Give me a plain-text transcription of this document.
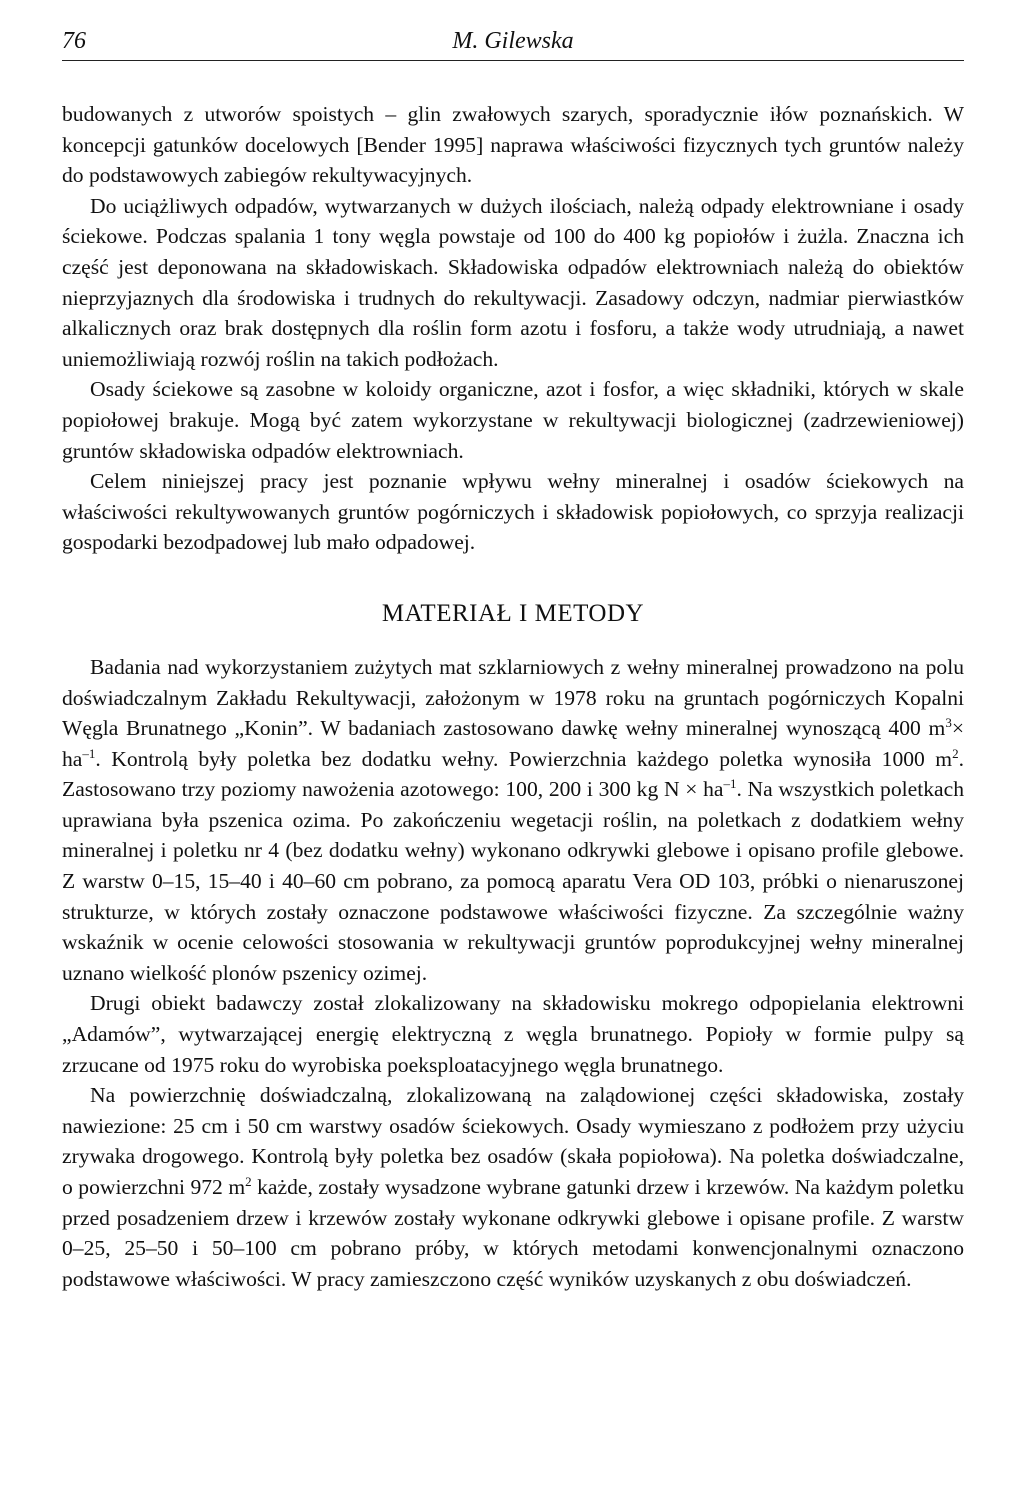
76	M. Gilewska

budowanych z utworów spoistych – glin zwałowych szarych, sporadycznie iłów poznańskich. W koncepcji gatunków docelowych [Bender 1995] naprawa właściwości fizycznych tych gruntów należy do podstawowych zabiegów rekultywacyjnych.

Do uciążliwych odpadów, wytwarzanych w dużych ilościach, należą odpady elektrowniane i osady ściekowe. Podczas spalania 1 tony węgla powstaje od 100 do 400 kg popiołów i żużla. Znaczna ich część jest deponowana na składowiskach. Składowiska odpadów elektrowniach należą do obiektów nieprzyjaznych dla środowiska i trudnych do rekultywacji. Zasadowy odczyn, nadmiar pierwiastków alkalicznych oraz brak dostępnych dla roślin form azotu i fosforu, a także wody utrudniają, a nawet uniemożliwiają rozwój roślin na takich podłożach.

Osady ściekowe są zasobne w koloidy organiczne, azot i fosfor, a więc składniki, których w skale popiołowej brakuje. Mogą być zatem wykorzystane w rekultywacji biologicznej (zadrzewieniowej) gruntów składowiska odpadów elektrowniach.

Celem niniejszej pracy jest poznanie wpływu wełny mineralnej i osadów ściekowych na właściwości rekultywowanych gruntów pogórniczych i składowisk popiołowych, co sprzyja realizacji gospodarki bezodpadowej lub mało odpadowej.

MATERIAŁ I METODY

Badania nad wykorzystaniem zużytych mat szklarniowych z wełny mineralnej prowadzono na polu doświadczalnym Zakładu Rekultywacji, założonym w 1978 roku na gruntach pogórniczych Kopalni Węgla Brunatnego „Konin”. W badaniach zastosowano dawkę wełny mineralnej wynoszącą 400 $m^3\times ha^{-1}$. Kontrolą były poletka bez dodatku wełny. Powierzchnia każdego poletka wynosiła 1000 $m^2$. Zastosowano trzy poziomy nawożenia azotowego: 100, 200 i 300 kg $N \times ha^{-1}$. Na wszystkich poletkach uprawiana była pszenica ozima. Po zakończeniu wegetacji roślin, na poletkach z dodatkiem wełny mineralnej i poletku nr 4 (bez dodatku wełny) wykonano odkrywki glebowe i opisano profile glebowe. Z warstw 0–15, 15–40 i 40–60 cm pobrano, za pomocą aparatu Vera OD 103, próbki o nienaruszonej strukturze, w których zostały oznaczone podstawowe właściwości fizyczne. Za szczególnie ważny wskaźnik w ocenie celowości stosowania w rekultywacji gruntów poprodukcyjnej wełny mineralnej uznano wielkość plonów pszenicy ozimej.

Drugi obiekt badawczy został zlokalizowany na składowisku mokrego odpopielania elektrowni „Adamów”, wytwarzającej energię elektryczną z węgla brunatnego. Popioły w formie pulpy są zrzucane od 1975 roku do wyrobiska poeksploatacyjnego węgla brunatnego.

Na powierzchnię doświadczalną, zlokalizowaną na zalądowionej części składowiska, zostały nawiezione: 25 cm i 50 cm warstwy osadów ściekowych. Osady wymieszano z podłożem przy użyciu zrywaka drogowego. Kontrolą były poletka bez osadów (skała popiołowa). Na poletka doświadczalne, o powierzchni 972 $m^2$ każde, zostały wysadzone wybrane gatunki drzew i krzewów. Na każdym poletku przed posadzeniem drzew i krzewów zostały wykonane odkrywki glebowe i opisane profile. Z warstw 0–25, 25–50 i 50–100 cm pobrano próby, w których metodami konwencjonalnymi oznaczono podstawowe właściwości. W pracy zamieszczono część wyników uzyskanych z obu doświadczeń.
